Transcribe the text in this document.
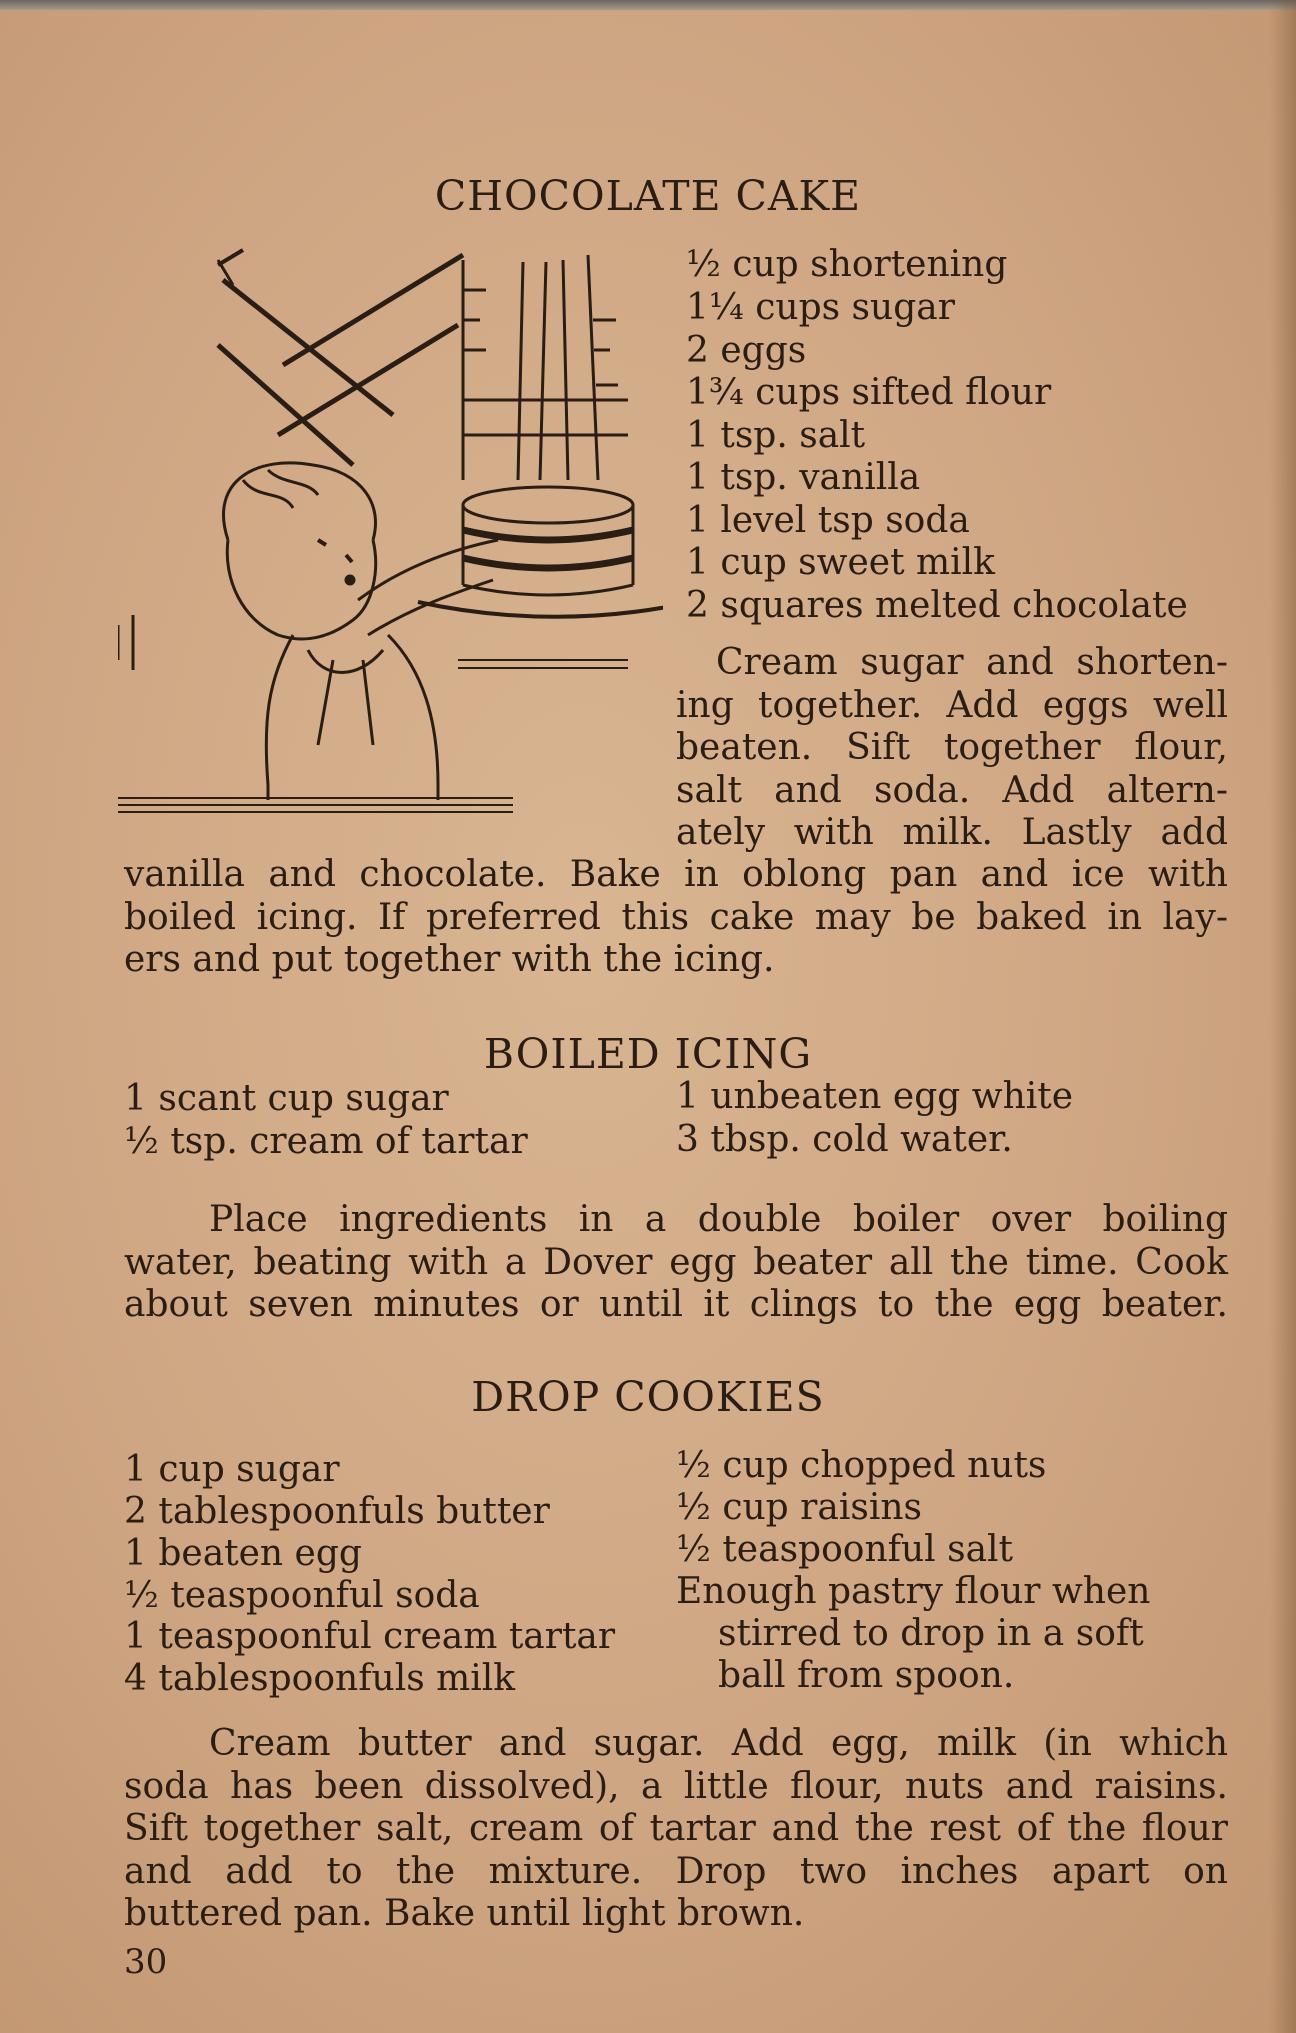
CHOCOLATE CAKE
½ cup shortening
1¼ cups sugar
2 eggs
1¾ cups sifted flour
1 tsp. salt
1 tsp. vanilla
1 level tsp soda
1 cup sweet milk
2 squares melted chocolate
Cream sugar and shorten-
ing together. Add eggs well
beaten. Sift together flour,
salt and soda. Add altern-
ately with milk. Lastly add
vanilla and chocolate. Bake in oblong pan and ice with
boiled icing. If preferred this cake may be baked in lay-
ers and put together with the icing.
BOILED ICING
1 scant cup sugar
½ tsp. cream of tartar
1 unbeaten egg white
3 tbsp. cold water.
Place ingredients in a double boiler over boiling
water, beating with a Dover egg beater all the time. Cook
about seven minutes or until it clings to the egg beater.
DROP COOKIES
1 cup sugar
2 tablespoonfuls butter
1 beaten egg
½ teaspoonful soda
1 teaspoonful cream tartar
4 tablespoonfuls milk
½ cup chopped nuts
½ cup raisins
½ teaspoonful salt
Enough pastry flour when
stirred to drop in a soft
ball from spoon.
Cream butter and sugar. Add egg, milk (in which
soda has been dissolved), a little flour, nuts and raisins.
Sift together salt, cream of tartar and the rest of the flour
and add to the mixture. Drop two inches apart on
buttered pan. Bake until light brown.
30
